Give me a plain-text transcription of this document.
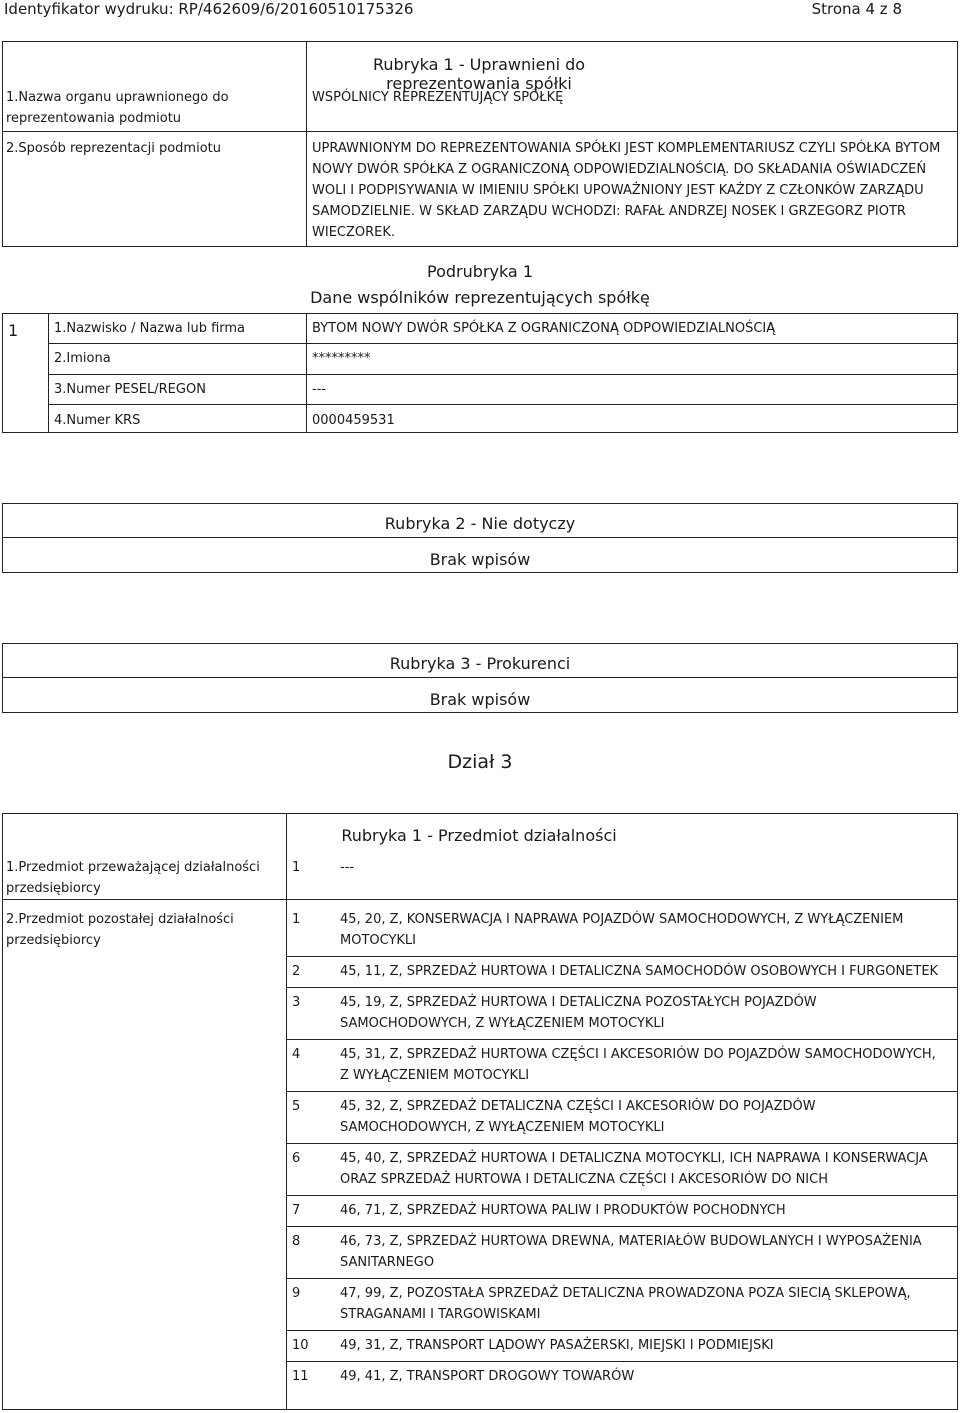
Identyfikator wydruku: RP/462609/6/20160510175326	Strona 4 z 8
Rubryka 1 - Uprawnieni do reprezentowania spółki
1.Nazwa organu uprawnionego do reprezentowania podmiotu
WSPÓLNICY REPREZENTUJĄCY SPÓŁKĘ
2.Sposób reprezentacji podmiotu	UPRAWNIONYM DO REPREZENTOWANIA SPÓŁKI JEST KOMPLEMENTARIUSZ CZYLI SPÓŁKA BYTOM NOWY DWÓR SPÓŁKA Z OGRANICZONĄ ODPOWIEDZIALNOŚCIĄ. DO SKŁADANIA OŚWIADCZEŃ WOLI I PODPISYWANIA W IMIENIU SPÓŁKI UPOWAŻNIONY JEST KAŻDY Z CZŁONKÓW ZARZĄDU SAMODZIELNIE. W SKŁAD ZARZĄDU WCHODZI: RAFAŁ ANDRZEJ NOSEK I GRZEGORZ PIOTR WIECZOREK.
Podrubryka 1
Dane wspólników reprezentujących spółkę
1	1.Nazwisko / Nazwa lub firma	BYTOM NOWY DWÓR SPÓŁKA Z OGRANICZONĄ ODPOWIEDZIALNOŚCIĄ
2.Imiona	*********
3.Numer PESEL/REGON	---
4.Numer KRS	0000459531
Rubryka 2 - Nie dotyczy
Brak wpisów
Rubryka 3 - Prokurenci
Brak wpisów
Dział 3
Rubryka 1 - Przedmiot działalności
1.Przedmiot przeważającej działalności przedsiębiorcy
1	---
2.Przedmiot pozostałej działalności przedsiębiorcy
1	45, 20, Z, KONSERWACJA I NAPRAWA POJAZDÓW SAMOCHODOWYCH, Z WYŁĄCZENIEM MOTOCYKLI
2	45, 11, Z, SPRZEDAŻ HURTOWA I DETALICZNA SAMOCHODÓW OSOBOWYCH I FURGONETEK
3	45, 19, Z, SPRZEDAŻ HURTOWA I DETALICZNA POZOSTAŁYCH POJAZDÓW SAMOCHODOWYCH, Z WYŁĄCZENIEM MOTOCYKLI
4	45, 31, Z, SPRZEDAŻ HURTOWA CZĘŚCI I AKCESORIÓW DO POJAZDÓW SAMOCHODOWYCH, Z WYŁĄCZENIEM MOTOCYKLI
5	45, 32, Z, SPRZEDAŻ DETALICZNA CZĘŚCI I AKCESORIÓW DO POJAZDÓW SAMOCHODOWYCH, Z WYŁĄCZENIEM MOTOCYKLI
6	45, 40, Z, SPRZEDAŻ HURTOWA I DETALICZNA MOTOCYKLI, ICH NAPRAWA I KONSERWACJA ORAZ SPRZEDAŻ HURTOWA I DETALICZNA CZĘŚCI I AKCESORIÓW DO NICH
7	46, 71, Z, SPRZEDAŻ HURTOWA PALIW I PRODUKTÓW POCHODNYCH
8	46, 73, Z, SPRZEDAŻ HURTOWA DREWNA, MATERIAŁÓW BUDOWLANYCH I WYPOSAŻENIA SANITARNEGO
9	47, 99, Z, POZOSTAŁA SPRZEDAŻ DETALICZNA PROWADZONA POZA SIECIĄ SKLEPOWĄ, STRAGANAMI I TARGOWISKAMI
10 49, 31, Z, TRANSPORT LĄDOWY PASAŻERSKI, MIEJSKI I PODMIEJSKI
11 49, 41, Z, TRANSPORT DROGOWY TOWARÓW
